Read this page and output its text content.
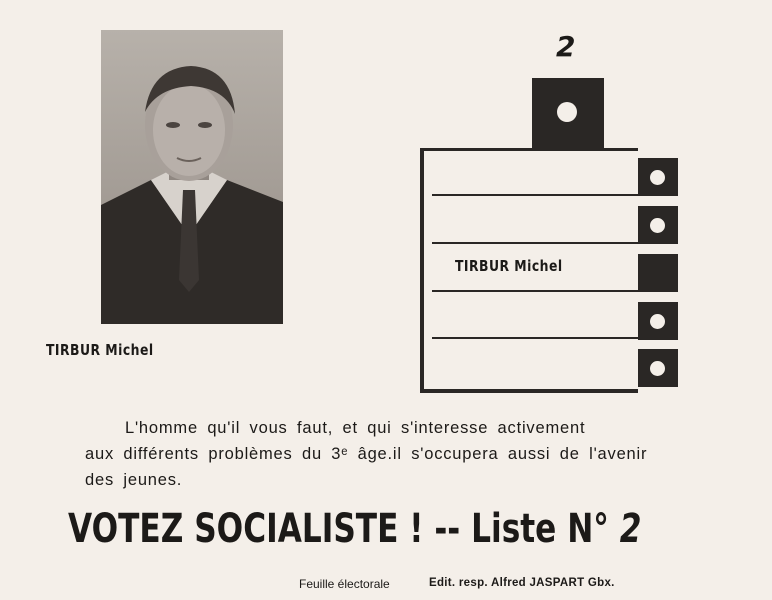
TIRBUR Michel
2
TIRBUR Michel

L'homme qu'il vous faut, et qui s'interesse activement

aux différents problèmes du 3ᵉ âge.il s'occupera aussi de l'avenir

des jeunes.

VOTEZ SOCIALISTE ! -- Liste N° 2
Feuille électorale	Edit. resp. Alfred JASPART Gbx.
